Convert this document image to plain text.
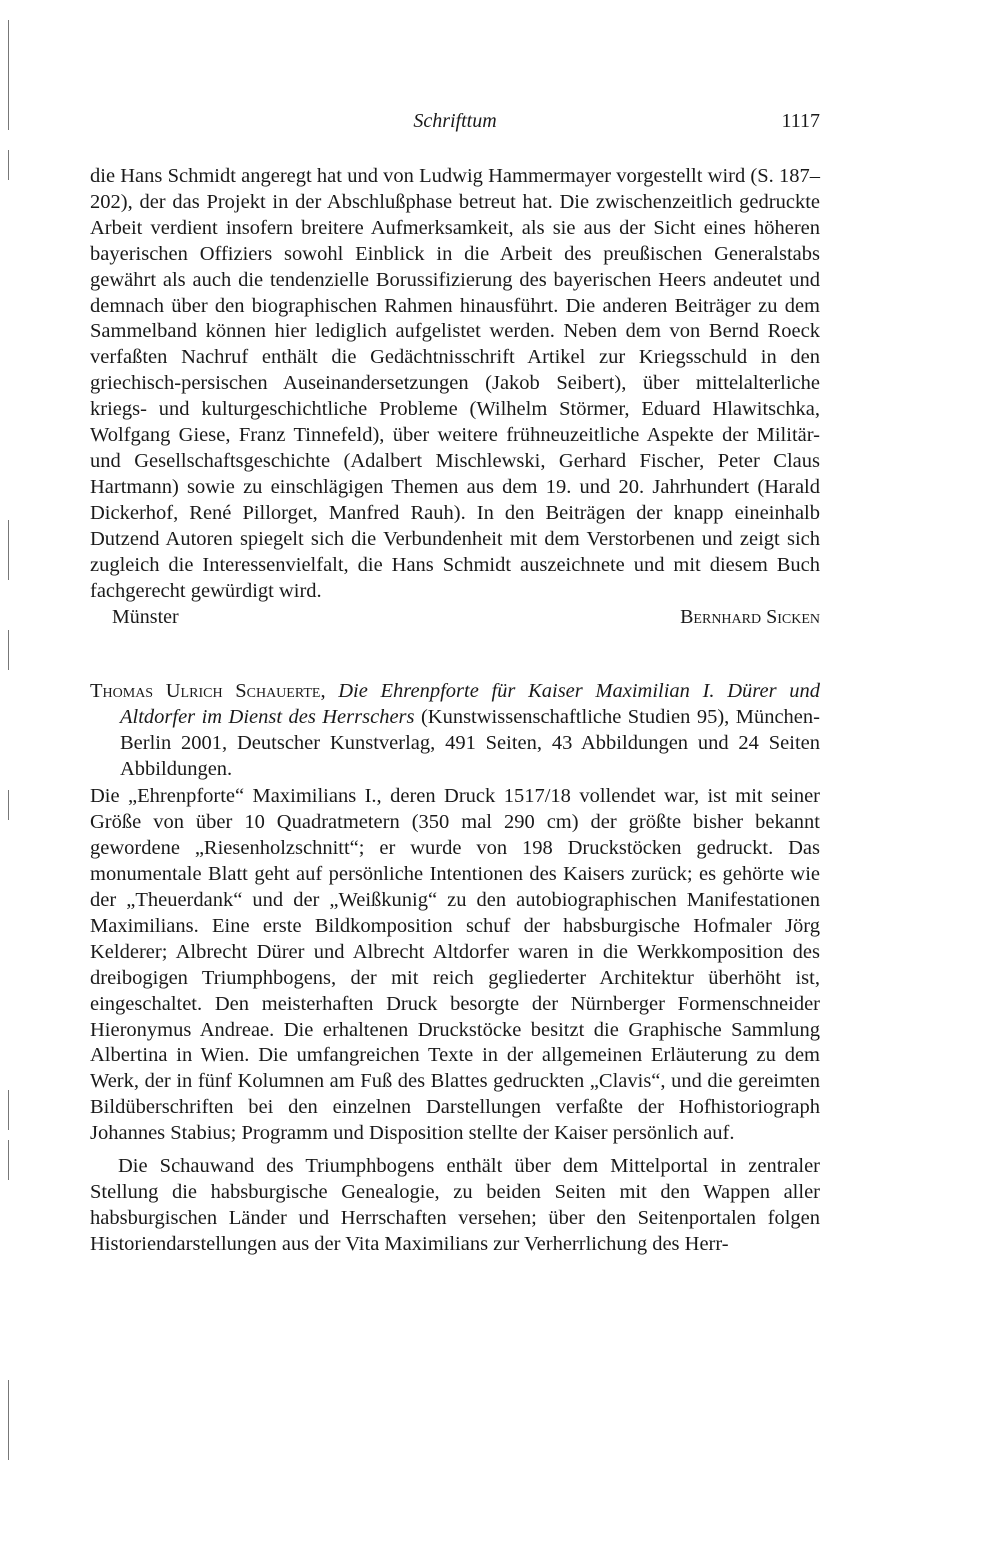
Schrifttum	1117

die Hans Schmidt angeregt hat und von Ludwig Hammermayer vorgestellt wird (S. 187–202), der das Projekt in der Abschlußphase betreut hat. Die zwischenzeitlich gedruckte Arbeit verdient insofern breitere Aufmerksamkeit, als sie aus der Sicht eines höheren bayerischen Offiziers sowohl Einblick in die Arbeit des preußischen Generalstabs gewährt als auch die tendenzielle Borussifizierung des bayerischen Heers andeutet und demnach über den biographischen Rahmen hinausführt. Die anderen Beiträger zu dem Sammelband können hier lediglich aufgelistet werden. Neben dem von Bernd Roeck verfaßten Nachruf enthält die Gedächtnisschrift Artikel zur Kriegsschuld in den griechisch-persischen Auseinandersetzungen (Jakob Seibert), über mittelalterliche kriegs- und kulturgeschichtliche Probleme (Wilhelm Störmer, Eduard Hlawitschka, Wolfgang Giese, Franz Tinnefeld), über weitere frühneuzeitliche Aspekte der Militär- und Gesellschaftsgeschichte (Adalbert Mischlewski, Gerhard Fischer, Peter Claus Hartmann) sowie zu einschlägigen Themen aus dem 19. und 20. Jahrhundert (Harald Dickerhof, René Pillorget, Manfred Rauh). In den Beiträgen der knapp eineinhalb Dutzend Autoren spiegelt sich die Verbundenheit mit dem Verstorbenen und zeigt sich zugleich die Interessenvielfalt, die Hans Schmidt auszeichnete und mit diesem Buch fachgerecht gewürdigt wird.

Münster	Bernhard Sicken

Thomas Ulrich Schauerte, Die Ehrenpforte für Kaiser Maximilian I. Dürer und Altdorfer im Dienst des Herrschers (Kunstwissenschaftliche Studien 95), München-Berlin 2001, Deutscher Kunstverlag, 491 Seiten, 43 Abbildungen und 24 Seiten Abbildungen.

Die „Ehrenpforte“ Maximilians I., deren Druck 1517/18 vollendet war, ist mit seiner Größe von über 10 Quadratmetern (350 mal 290 cm) der größte bisher bekannt gewordene „Riesenholzschnitt“; er wurde von 198 Druckstöcken gedruckt. Das monumentale Blatt geht auf persönliche Intentionen des Kaisers zurück; es gehörte wie der „Theuerdank“ und der „Weißkunig“ zu den autobiographischen Manifestationen Maximilians. Eine erste Bildkomposition schuf der habsburgische Hofmaler Jörg Kelderer; Albrecht Dürer und Albrecht Altdorfer waren in die Werkkomposition des dreibogigen Triumphbogens, der mit reich gegliederter Architektur überhöht ist, eingeschaltet. Den meisterhaften Druck besorgte der Nürnberger Formenschneider Hieronymus Andreae. Die erhaltenen Druckstöcke besitzt die Graphische Sammlung Albertina in Wien. Die umfangreichen Texte in der allgemeinen Erläuterung zu dem Werk, der in fünf Kolumnen am Fuß des Blattes gedruckten „Clavis“, und die gereimten Bildüberschriften bei den einzelnen Darstellungen verfaßte der Hofhistoriograph Johannes Stabius; Programm und Disposition stellte der Kaiser persönlich auf.

Die Schauwand des Triumphbogens enthält über dem Mittelportal in zentraler Stellung die habsburgische Genealogie, zu beiden Seiten mit den Wappen aller habsburgischen Länder und Herrschaften versehen; über den Seitenportalen folgen Historiendarstellungen aus der Vita Maximilians zur Verherrlichung des Herr-
